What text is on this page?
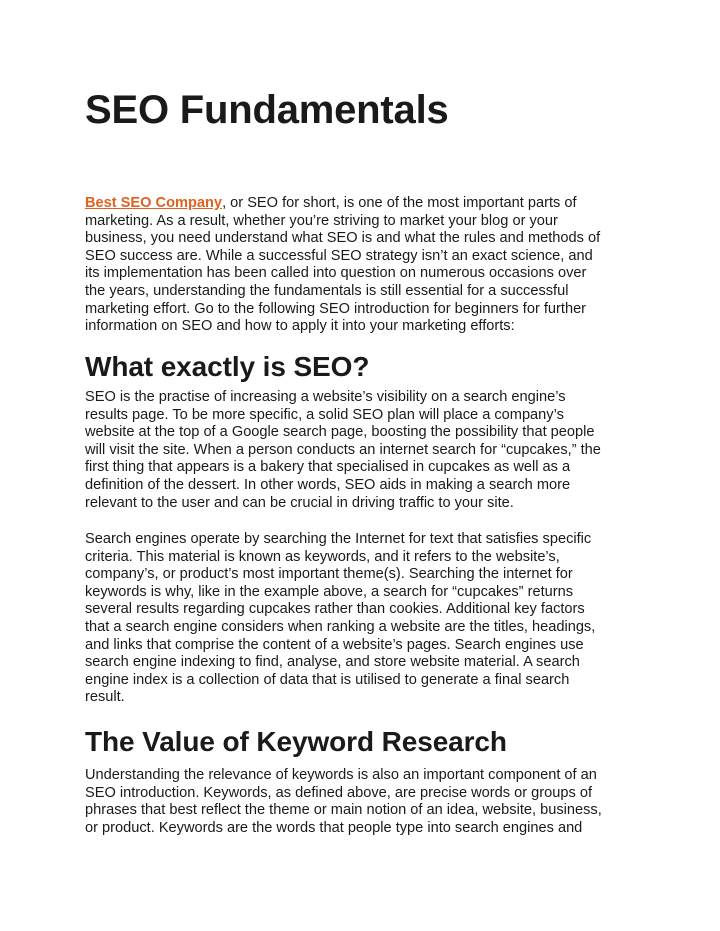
SEO Fundamentals

Best SEO Company, or SEO for short, is one of the most important parts of
marketing. As a result, whether you’re striving to market your blog or your
business, you need understand what SEO is and what the rules and methods of
SEO success are. While a successful SEO strategy isn’t an exact science, and
its implementation has been called into question on numerous occasions over
the years, understanding the fundamentals is still essential for a successful
marketing effort. Go to the following SEO introduction for beginners for further
information on SEO and how to apply it into your marketing efforts:

What exactly is SEO?

SEO is the practise of increasing a website’s visibility on a search engine’s
results page. To be more specific, a solid SEO plan will place a company’s
website at the top of a Google search page, boosting the possibility that people
will visit the site. When a person conducts an internet search for “cupcakes,” the
first thing that appears is a bakery that specialised in cupcakes as well as a
definition of the dessert. In other words, SEO aids in making a search more
relevant to the user and can be crucial in driving traffic to your site.

Search engines operate by searching the Internet for text that satisfies specific
criteria. This material is known as keywords, and it refers to the website’s,
company’s, or product’s most important theme(s). Searching the internet for
keywords is why, like in the example above, a search for “cupcakes” returns
several results regarding cupcakes rather than cookies. Additional key factors
that a search engine considers when ranking a website are the titles, headings,
and links that comprise the content of a website’s pages. Search engines use
search engine indexing to find, analyse, and store website material. A search
engine index is a collection of data that is utilised to generate a final search
result.

The Value of Keyword Research

Understanding the relevance of keywords is also an important component of an
SEO introduction. Keywords, as defined above, are precise words or groups of
phrases that best reflect the theme or main notion of an idea, website, business,
or product. Keywords are the words that people type into search engines and
